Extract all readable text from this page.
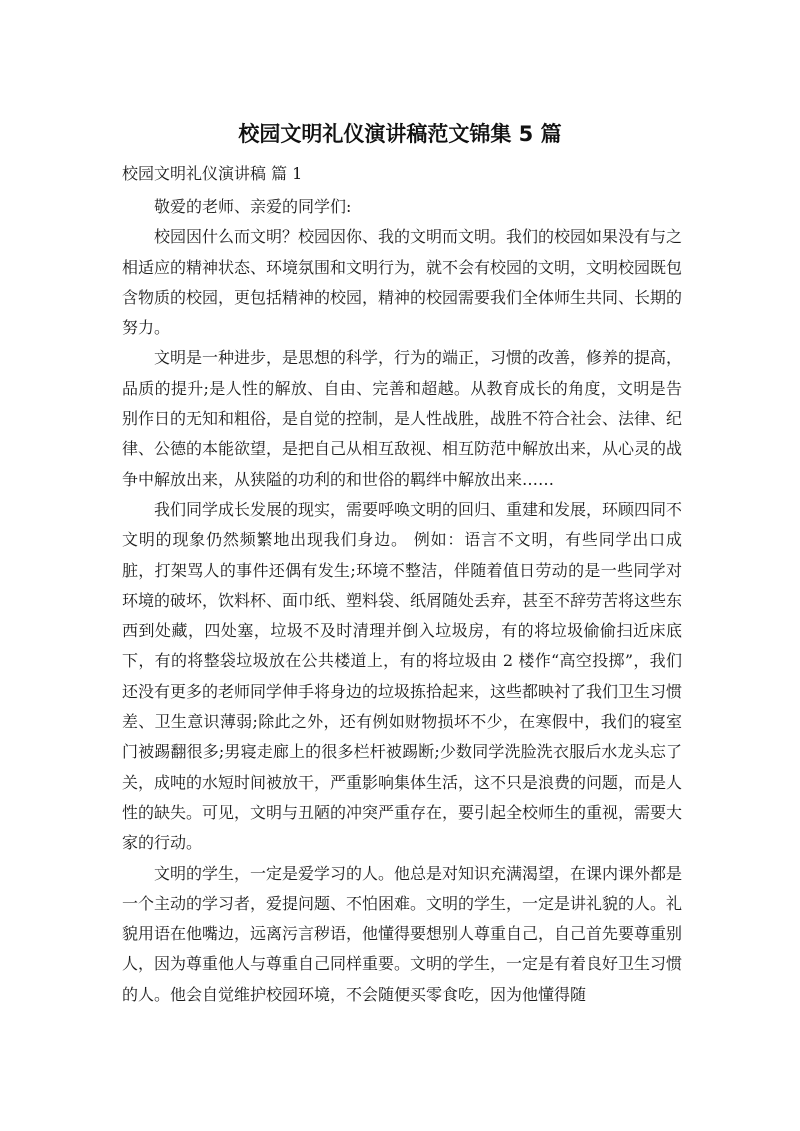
校园文明礼仪演讲稿范文锦集 5 篇

校园文明礼仪演讲稿 篇 1

敬爱的老师、亲爱的同学们:

校园因什么而文明？校园因你、我的文明而文明。我们的校园如果没有与之相适应的精神状态、环境氛围和文明行为，就不会有校园的文明，文明校园既包含物质的校园，更包括精神的校园，精神的校园需要我们全体师生共同、长期的努力。

文明是一种进步，是思想的科学，行为的端正，习惯的改善，修养的提高，品质的提升;是人性的解放、自由、完善和超越。从教育成长的角度，文明是告别作日的无知和粗俗，是自觉的控制，是人性战胜，战胜不符合社会、法律、纪律、公德的本能欲望，是把自己从相互敌视、相互防范中解放出来，从心灵的战争中解放出来，从狭隘的功利的和世俗的羁绊中解放出来……

我们同学成长发展的现实，需要呼唤文明的回归、重建和发展，环顾四同不文明的现象仍然频繁地出现我们身边。 例如：语言不文明，有些同学出口成脏，打架骂人的事件还偶有发生;环境不整洁，伴随着值日劳动的是一些同学对环境的破坏，饮料杯、面巾纸、塑料袋、纸屑随处丢弃，甚至不辞劳苦将这些东西到处藏，四处塞，垃圾不及时清理并倒入垃圾房，有的将垃圾偷偷扫近床底下，有的将整袋垃圾放在公共楼道上，有的将垃圾由 2 楼作“高空投掷”，我们还没有更多的老师同学伸手将身边的垃圾拣拾起来，这些都映衬了我们卫生习惯差、卫生意识薄弱;除此之外，还有例如财物损坏不少，在寒假中，我们的寝室门被踢翻很多;男寝走廊上的很多栏杆被踢断;少数同学洗脸洗衣服后水龙头忘了关，成吨的水短时间被放干，严重影响集体生活，这不只是浪费的问题，而是人性的缺失。可见，文明与丑陋的冲突严重存在，要引起全校师生的重视，需要大家的行动。

文明的学生，一定是爱学习的人。他总是对知识充满渴望，在课内课外都是一个主动的学习者，爱提问题、不怕困难。文明的学生，一定是讲礼貌的人。礼貌用语在他嘴边，远离污言秽语，他懂得要想别人尊重自己，自己首先要尊重别人，因为尊重他人与尊重自己同样重要。文明的学生，一定是有着良好卫生习惯的人。他会自觉维护校园环境，不会随便买零食吃，因为他懂得随
